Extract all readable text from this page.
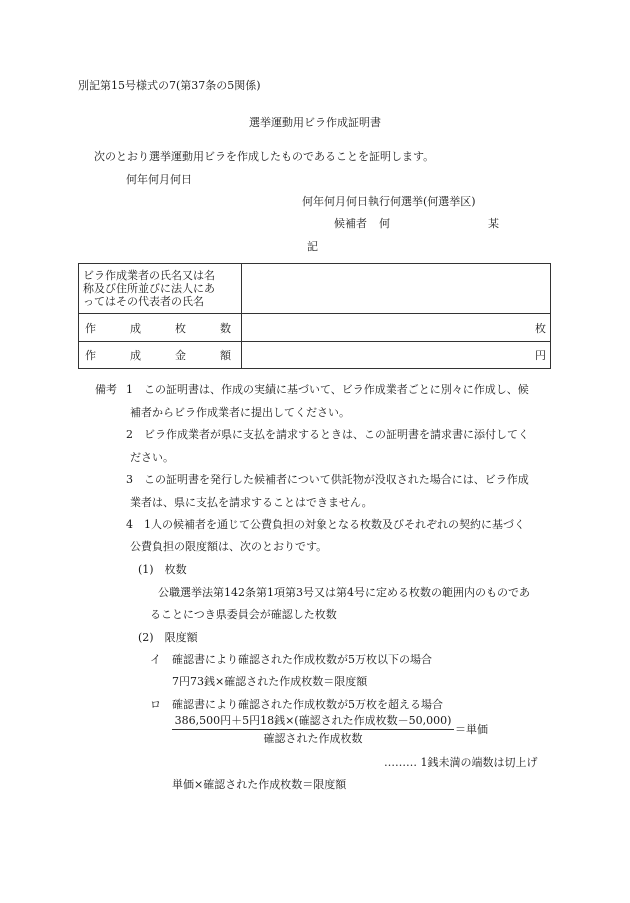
別記第15号様式の7(第37条の5関係)
選挙運動用ビラ作成証明書
次のとおり選挙運動用ビラを作成したものであることを証明します。
何年何月何日
何年何月何日執行何選挙(何選挙区)
候補者 何	某
記
ビラ作成業者の氏名又は名
称及び住所並びに法人にあ
ってはその代表者の氏名	

作 成 枚 数	枚

作 成 金 額	円
備考 1 この証明書は、作成の実績に基づいて、ビラ作成業者ごとに別々に作成し、候
補者からビラ作成業者に提出してください。
2 ビラ作成業者が県に支払を請求するときは、この証明書を請求書に添付してく
ださい。
3 この証明書を発行した候補者について供託物が没収された場合には、ビラ作成
業者は、県に支払を請求することはできません。
4 1人の候補者を通じて公費負担の対象となる枚数及びそれぞれの契約に基づく
公費負担の限度額は、次のとおりです。
(1)　枚数
公職選挙法第142条第1項第3号又は第4号に定める枚数の範囲内のものであ
ることにつき県委員会が確認した枚数
(2)　限度額
イ 確認書により確認された作成枚数が5万枚以下の場合
7円73銭×確認された作成枚数＝限度額
ロ 確認書により確認された作成枚数が5万枚を超える場合
386,500円＋5円18銭×(確認された作成枚数－50,000)
確認された作成枚数
＝単価
……… 1銭未満の端数は切上げ
単価×確認された作成枚数＝限度額
